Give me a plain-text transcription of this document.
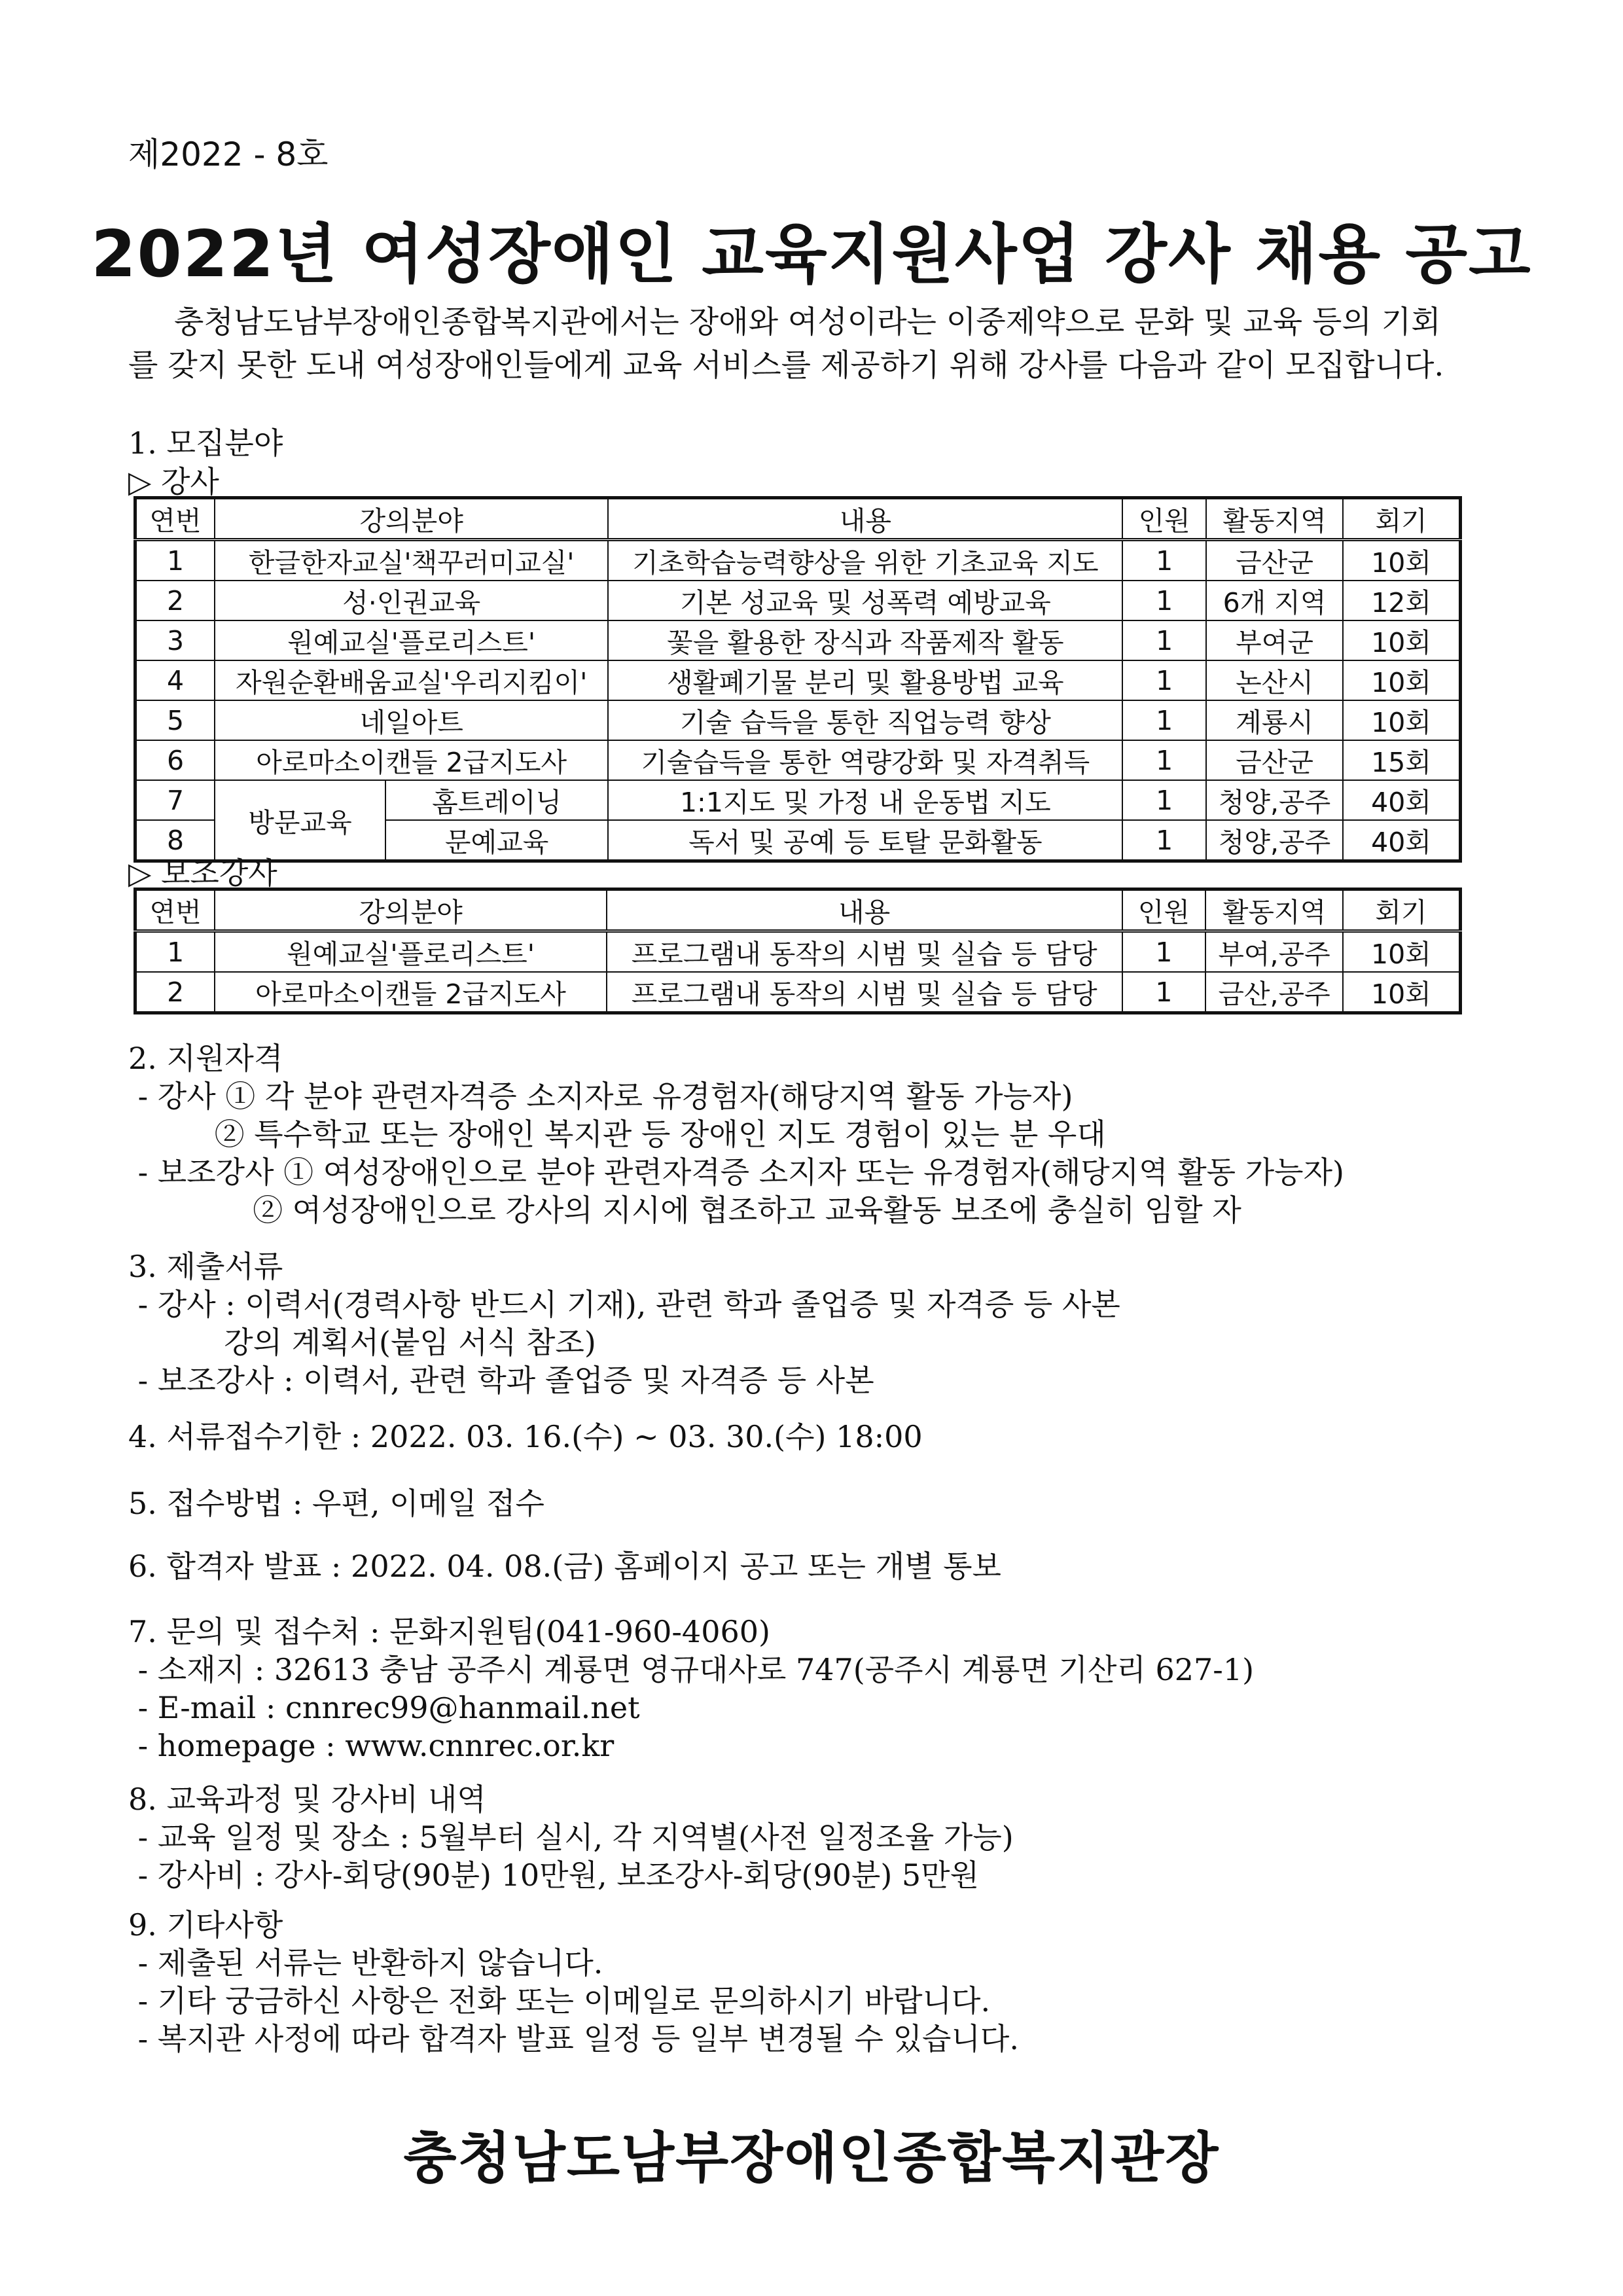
제2022 - 8호
2022년 여성장애인 교육지원사업 강사 채용 공고
충청남도남부장애인종합복지관에서는 장애와 여성이라는 이중제약으로 문화 및 교육 등의 기회를 갖지 못한 도내 여성장애인들에게 교육 서비스를 제공하기 위해 강사를 다음과 같이 모집합니다.
1. 모집분야
▷ 강사
연번	강의분야		내용	인원	활동지역	회기
1	한글한자교실'책꾸러미교실'		기초학습능력향상을 위한 기초교육 지도	1	금산군	10회
2	성·인권교육		기본 성교육 및 성폭력 예방교육	1	6개 지역	12회
3	원예교실'플로리스트'		꽃을 활용한 장식과 작품제작 활동	1	부여군	10회
4	자원순환배움교실'우리지킴이'		생활폐기물 분리 및 활용방법 교육	1	논산시	10회
5	네일아트		기술 습득을 통한 직업능력 향상	1	계룡시	10회
6	아로마소이캔들 2급지도사		기술습득을 통한 역량강화 및 자격취득	1	금산군	15회
7	방문교육	홈트레이닝	1:1지도 및 가정 내 운동법 지도	1	청양,공주	40회
8		문예교육	독서 및 공예 등 토탈 문화활동	1	청양,공주	40회
▷ 보조강사
연번	강의분야	내용	인원	활동지역	회기
1	원예교실'플로리스트'	프로그램내 동작의 시범 및 실습 등 담당	1	부여,공주	10회
2	아로마소이캔들 2급지도사	프로그램내 동작의 시범 및 실습 등 담당	1	금산,공주	10회
2. 지원자격
- 강사 ① 각 분야 관련자격증 소지자로 유경험자(해당지역 활동 가능자)
② 특수학교 또는 장애인 복지관 등 장애인 지도 경험이 있는 분 우대
- 보조강사 ① 여성장애인으로 분야 관련자격증 소지자 또는 유경험자(해당지역 활동 가능자)
② 여성장애인으로 강사의 지시에 협조하고 교육활동 보조에 충실히 임할 자
3. 제출서류
- 강사 : 이력서(경력사항 반드시 기재), 관련 학과 졸업증 및 자격증 등 사본
강의 계획서(붙임 서식 참조)
- 보조강사 : 이력서, 관련 학과 졸업증 및 자격증 등 사본
4. 서류접수기한 : 2022. 03. 16.(수) ~ 03. 30.(수) 18:00
5. 접수방법 : 우편, 이메일 접수
6. 합격자 발표 : 2022. 04. 08.(금) 홈페이지 공고 또는 개별 통보
7. 문의 및 접수처 : 문화지원팀(041-960-4060)
- 소재지 : 32613 충남 공주시 계룡면 영규대사로 747(공주시 계룡면 기산리 627-1)
- E-mail : cnnrec99@hanmail.net
- homepage : www.cnnrec.or.kr
8. 교육과정 및 강사비 내역
- 교육 일정 및 장소 : 5월부터 실시, 각 지역별(사전 일정조율 가능)
- 강사비 : 강사-회당(90분) 10만원, 보조강사-회당(90분) 5만원
9. 기타사항
- 제출된 서류는 반환하지 않습니다.
- 기타 궁금하신 사항은 전화 또는 이메일로 문의하시기 바랍니다.
- 복지관 사정에 따라 합격자 발표 일정 등 일부 변경될 수 있습니다.
충청남도남부장애인종합복지관장
